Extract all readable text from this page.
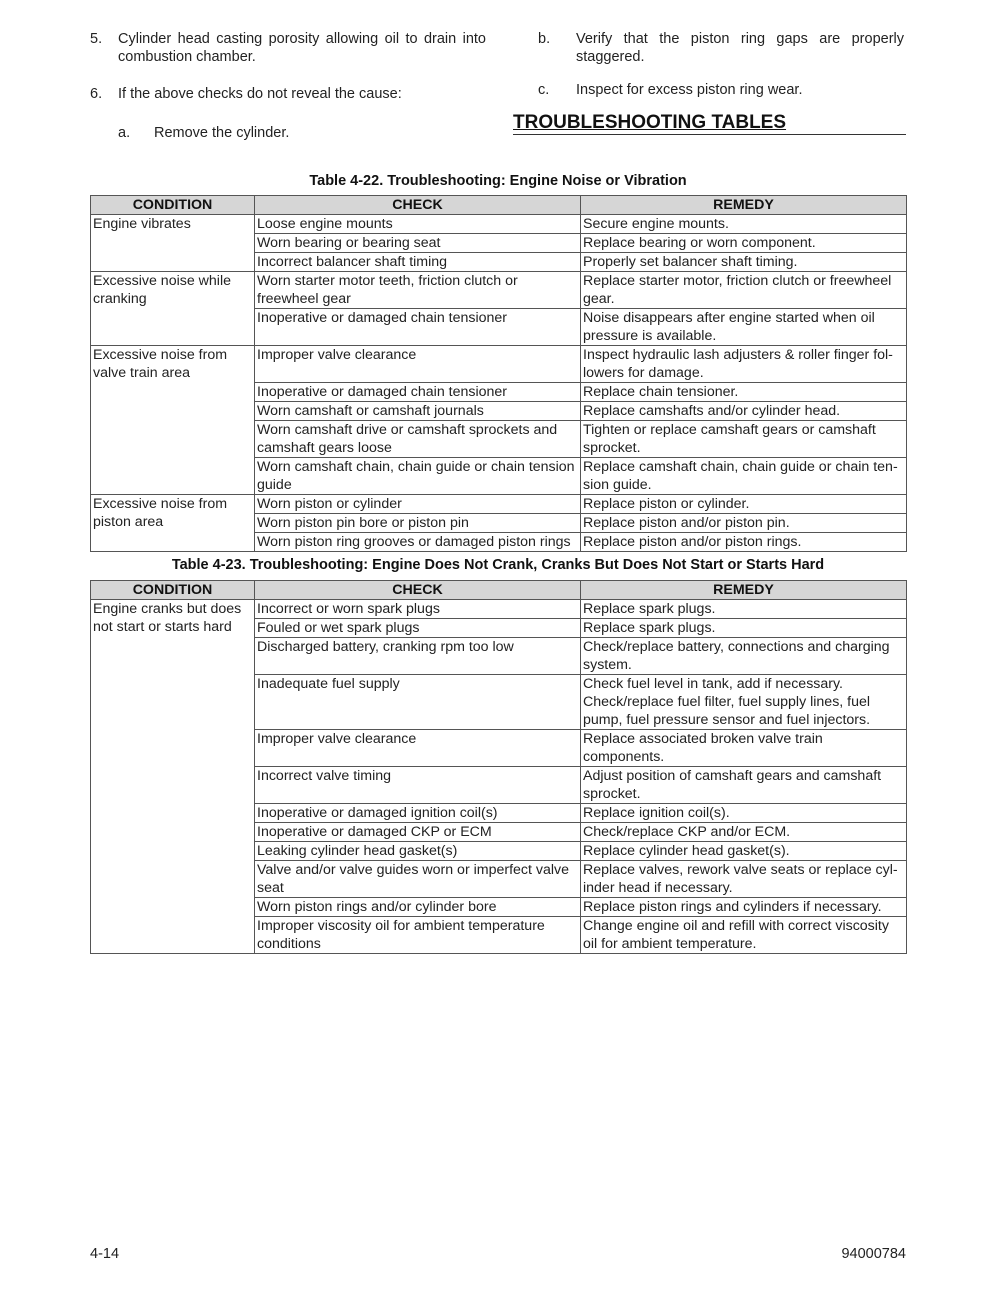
5. Cylinder head casting porosity allowing oil to drain into combustion chamber.
6. If the above checks do not reveal the cause:
a. Remove the cylinder.
b. Verify that the piston ring gaps are properly staggered.
c. Inspect for excess piston ring wear.
TROUBLESHOOTING TABLES
Table 4-22. Troubleshooting: Engine Noise or Vibration
CONDITION	CHECK	REMEDY
Engine vibrates	Loose engine mounts	Secure engine mounts.
	Worn bearing or bearing seat	Replace bearing or worn component.
	Incorrect balancer shaft timing	Properly set balancer shaft timing.
Excessive noise while cranking	Worn starter motor teeth, friction clutch or freewheel gear	Replace starter motor, friction clutch or freewheel gear.
	Inoperative or damaged chain tensioner	Noise disappears after engine started when oil pressure is available.
Excessive noise from valve train area	Improper valve clearance	Inspect hydraulic lash adjusters & roller finger fol-lowers for damage.
	Inoperative or damaged chain tensioner	Replace chain tensioner.
	Worn camshaft or camshaft journals	Replace camshafts and/or cylinder head.
	Worn camshaft drive or camshaft sprockets and camshaft gears loose	Tighten or replace camshaft gears or camshaft sprocket.
	Worn camshaft chain, chain guide or chain tension guide	Replace camshaft chain, chain guide or chain ten-sion guide.
Excessive noise from piston area	Worn piston or cylinder	Replace piston or cylinder.
	Worn piston pin bore or piston pin	Replace piston and/or piston pin.
	Worn piston ring grooves or damaged piston rings	Replace piston and/or piston rings.
Table 4-23. Troubleshooting: Engine Does Not Crank, Cranks But Does Not Start or Starts Hard
CONDITION	CHECK	REMEDY
Engine cranks but does not start or starts hard	Incorrect or worn spark plugs	Replace spark plugs.
	Fouled or wet spark plugs	Replace spark plugs.
	Discharged battery, cranking rpm too low	Check/replace battery, connections and charging system.
	Inadequate fuel supply	Check fuel level in tank, add if necessary. Check/replace fuel filter, fuel supply lines, fuel pump, fuel pressure sensor and fuel injectors.
	Improper valve clearance	Replace associated broken valve train components.
	Incorrect valve timing	Adjust position of camshaft gears and camshaft sprocket.
	Inoperative or damaged ignition coil(s)	Replace ignition coil(s).
	Inoperative or damaged CKP or ECM	Check/replace CKP and/or ECM.
	Leaking cylinder head gasket(s)	Replace cylinder head gasket(s).
	Valve and/or valve guides worn or imperfect valve seat	Replace valves, rework valve seats or replace cyl-inder head if necessary.
	Worn piston rings and/or cylinder bore	Replace piston rings and cylinders if necessary.
	Improper viscosity oil for ambient temperature conditions	Change engine oil and refill with correct viscosity oil for ambient temperature.
4-14	94000784
